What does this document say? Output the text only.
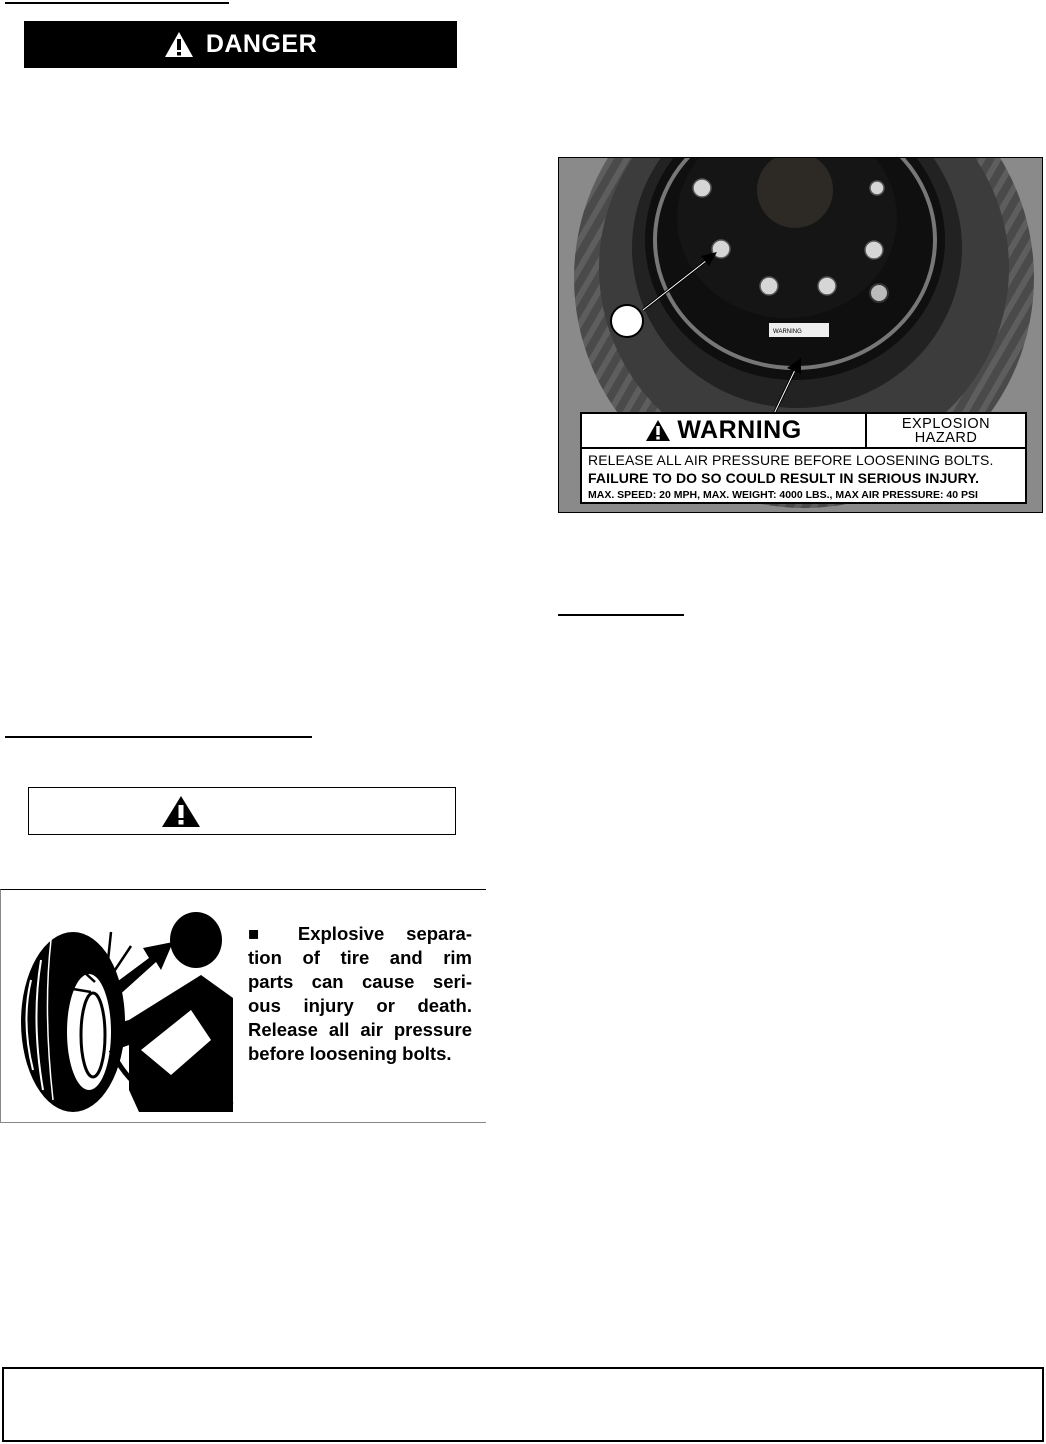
DANGER
■ Explosive separa-
tion of tire and rim
parts can cause seri-
ous injury or death.
Release all air pressure
before loosening bolts.
WARNING
WARNING	EXPLOSION
HAZARD
RELEASE ALL AIR PRESSURE BEFORE LOOSENING BOLTS.
FAILURE TO DO SO COULD RESULT IN SERIOUS INJURY.
MAX. SPEED: 20 MPH, MAX. WEIGHT: 4000 LBS., MAX AIR PRESSURE: 40 PSI
